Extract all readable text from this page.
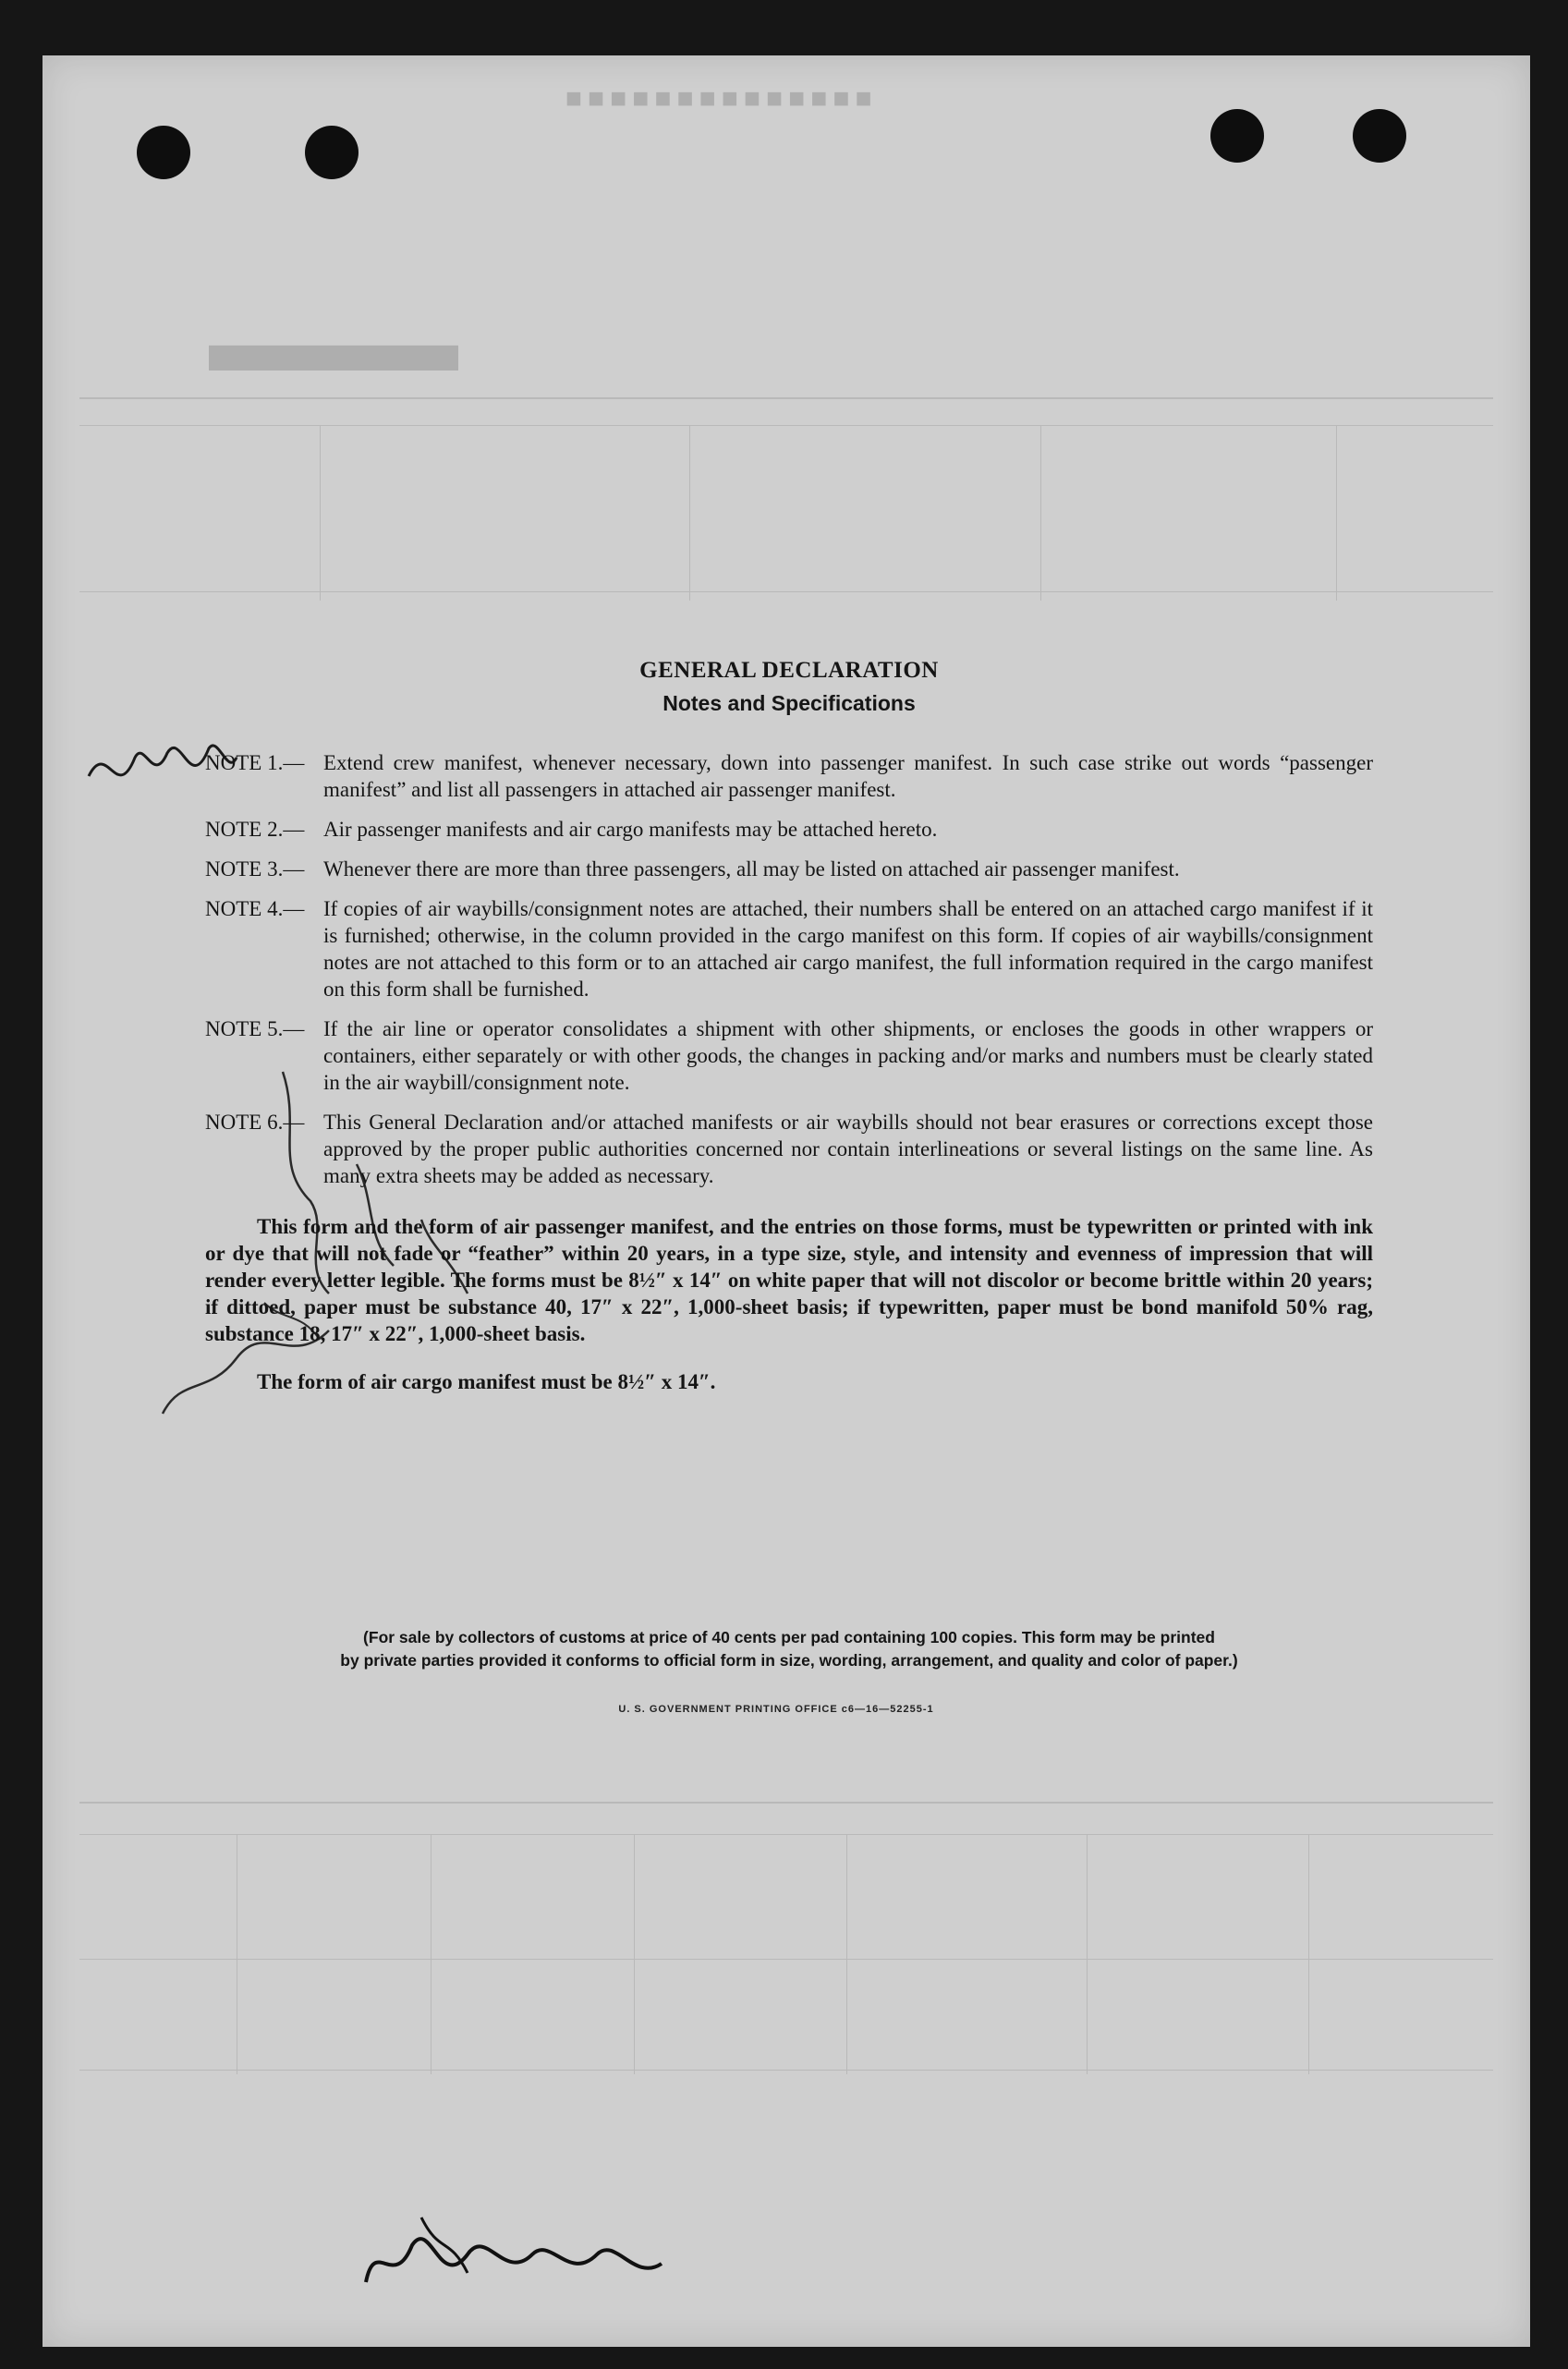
■■■■■■■■■■■■■■
▬▬▬
GENERAL DECLARATION
Notes and Specifications
NOTE 1.— Extend crew manifest, whenever necessary, down into passenger manifest. In such case strike out words “passenger manifest” and list all passengers in attached air passenger manifest.
NOTE 2.— Air passenger manifests and air cargo manifests may be attached hereto.
NOTE 3.— Whenever there are more than three passengers, all may be listed on attached air passenger manifest.
NOTE 4.— If copies of air waybills/consignment notes are attached, their numbers shall be entered on an attached cargo manifest if it is furnished; otherwise, in the column provided in the cargo manifest on this form. If copies of air waybills/consignment notes are not attached to this form or to an attached air cargo manifest, the full information required in the cargo manifest on this form shall be furnished.
NOTE 5.— If the air line or operator consolidates a shipment with other shipments, or encloses the goods in other wrappers or containers, either separately or with other goods, the changes in packing and/or marks and numbers must be clearly stated in the air waybill/consignment note.
NOTE 6.— This General Declaration and/or attached manifests or air waybills should not bear erasures or corrections except those approved by the proper public authorities concerned nor contain interlineations or several listings on the same line. As many extra sheets may be added as necessary.

This form and the form of air passenger manifest, and the entries on those forms, must be typewritten or printed with ink or dye that will not fade or “feather” within 20 years, in a type size, style, and intensity and evenness of impression that will render every letter legible. The forms must be 8½″ x 14″ on white paper that will not discolor or become brittle within 20 years; if dittoed, paper must be substance 40, 17″ x 22″, 1,000-sheet basis; if typewritten, paper must be bond manifold 50% rag, substance 18, 17″ x 22″, 1,000-sheet basis.

The form of air cargo manifest must be 8½″ x 14″.

(For sale by collectors of customs at price of 40 cents per pad containing 100 copies. This form may be printed
by private parties provided it conforms to official form in size, wording, arrangement, and quality and color of paper.)
U. S. GOVERNMENT PRINTING OFFICE c6—16—52255-1
